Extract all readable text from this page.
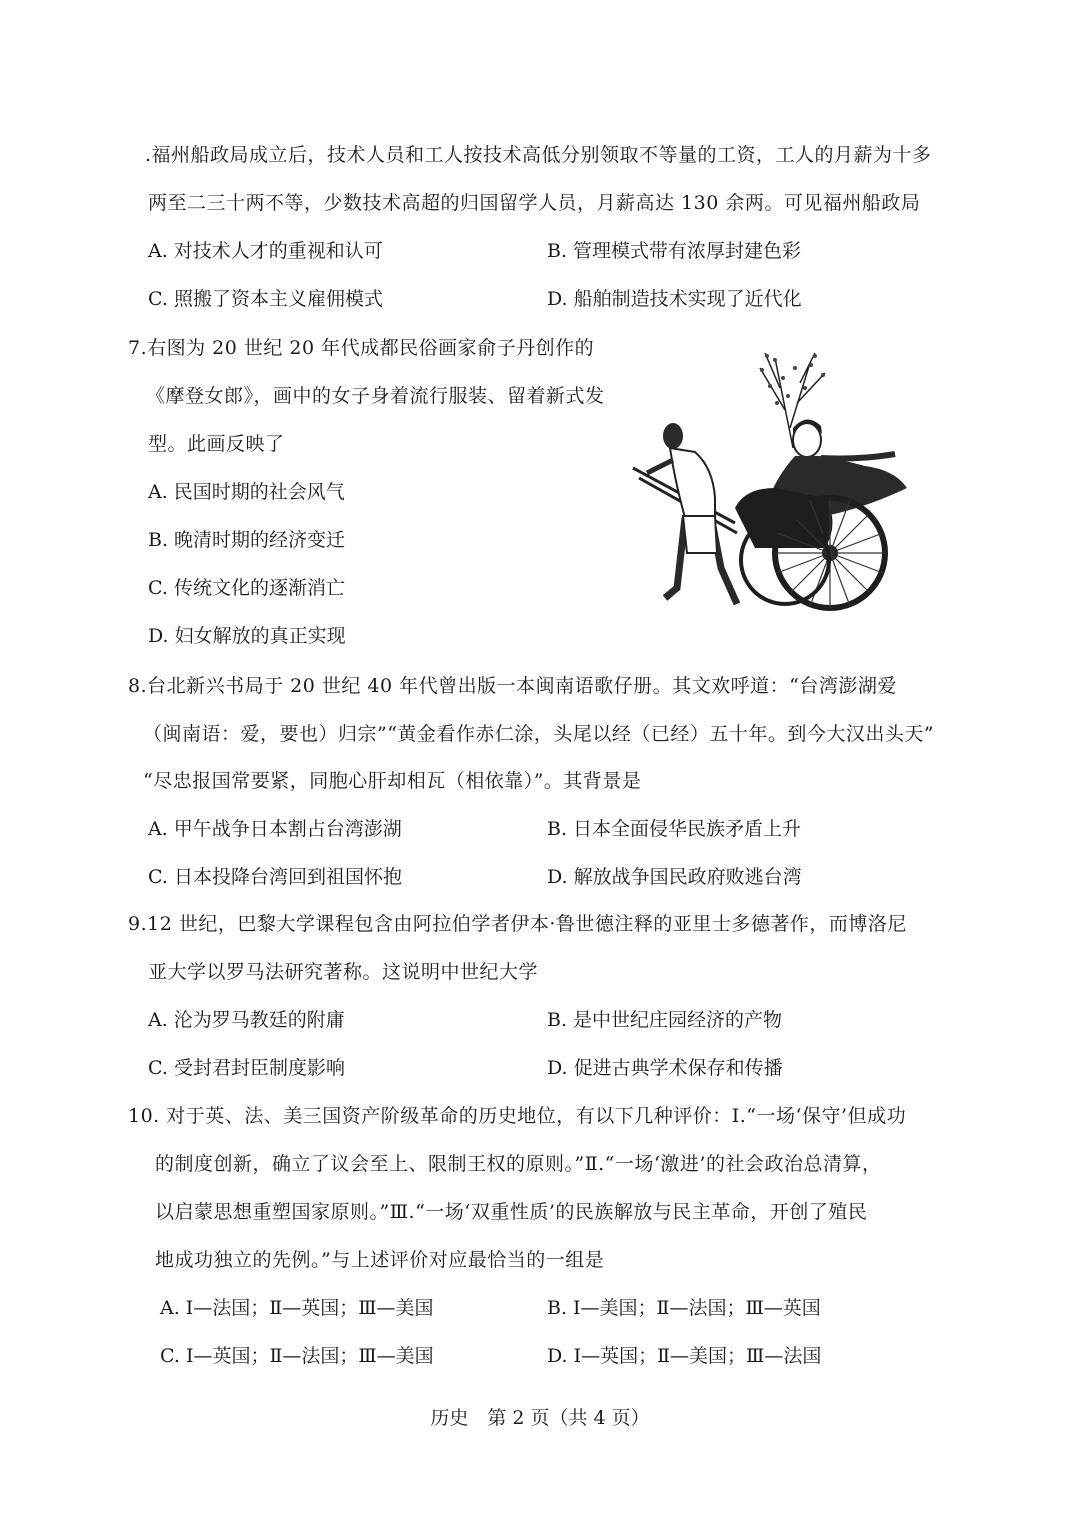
.福州船政局成立后，技术人员和工人按技术高低分别领取不等量的工资，工人的月薪为十多
两至二三十两不等，少数技术高超的归国留学人员，月薪高达 130 余两。可见福州船政局
A. 对技术人才的重视和认可	B. 管理模式带有浓厚封建色彩
C. 照搬了资本主义雇佣模式	D. 船舶制造技术实现了近代化
7.右图为 20 世纪 20 年代成都民俗画家俞子丹创作的
《摩登女郎》，画中的女子身着流行服装、留着新式发
型。此画反映了
A. 民国时期的社会风气
B. 晚清时期的经济变迁
C. 传统文化的逐渐消亡
D. 妇女解放的真正实现
8.台北新兴书局于 20 世纪 40 年代曾出版一本闽南语歌仔册。其文欢呼道：“台湾澎湖爱
（闽南语：爱，要也）归宗”“黄金看作赤仁涂，头尾以经（已经）五十年。到今大汉出头天”
“尽忠报国常要紧，同胞心肝却相瓦（相依靠）”。其背景是
A. 甲午战争日本割占台湾澎湖	B. 日本全面侵华民族矛盾上升
C. 日本投降台湾回到祖国怀抱	D. 解放战争国民政府败逃台湾
9.12 世纪，巴黎大学课程包含由阿拉伯学者伊本·鲁世德注释的亚里士多德著作，而博洛尼
亚大学以罗马法研究著称。这说明中世纪大学
A. 沦为罗马教廷的附庸	B. 是中世纪庄园经济的产物
C. 受封君封臣制度影响	D. 促进古典学术保存和传播
10. 对于英、法、美三国资产阶级革命的历史地位，有以下几种评价：Ⅰ.“一场‘保守’但成功
的制度创新，确立了议会至上、限制王权的原则。”Ⅱ.“一场‘激进’的社会政治总清算，
以启蒙思想重塑国家原则。”Ⅲ.“一场‘双重性质’的民族解放与民主革命，开创了殖民
地成功独立的先例。”与上述评价对应最恰当的一组是
A. Ⅰ—法国；Ⅱ—英国；Ⅲ—美国	B. Ⅰ—美国；Ⅱ—法国；Ⅲ—英国
C. Ⅰ—英国；Ⅱ—法国；Ⅲ—美国	D. Ⅰ—英国；Ⅱ—美国；Ⅲ—法国
历史　第 2 页（共 4 页）
